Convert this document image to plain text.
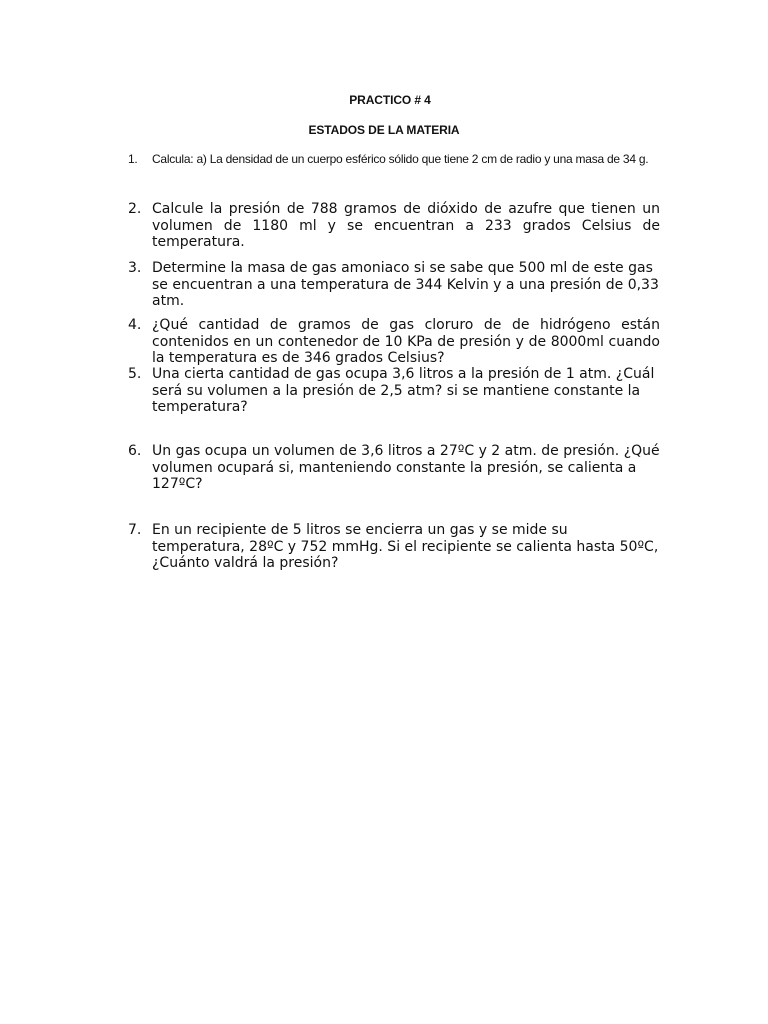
PRACTICO # 4
ESTADOS DE LA MATERIA
1.	Calcula: a) La densidad de un cuerpo esférico sólido que tiene 2 cm de radio y una masa de 34 g.
2. Calcule la presión de 788 gramos de dióxido de azufre que tienen un volumen de 1180 ml y se encuentran a 233 grados Celsius de temperatura.
3. Determine la masa de gas amoniaco si se sabe que 500 ml de este gas se encuentran a una temperatura de 344 Kelvin y a una presión de 0,33 atm.
4. ¿Qué cantidad de gramos de gas cloruro de de hidrógeno están contenidos en un contenedor de 10 KPa de presión y de 8000ml cuando la temperatura es de 346 grados Celsius?
5. Una cierta cantidad de gas ocupa 3,6 litros a la presión de 1 atm. ¿Cuál será su volumen a la presión de 2,5 atm? si se mantiene constante la temperatura?
6. Un gas ocupa un volumen de 3,6 litros a 27ºC y 2 atm. de presión. ¿Qué volumen ocupará si, manteniendo constante la presión, se calienta a 127ºC?
7. En un recipiente de 5 litros se encierra un gas y se mide su temperatura, 28ºC y 752 mmHg. Si el recipiente se calienta hasta 50ºC, ¿Cuánto valdrá la presión?
